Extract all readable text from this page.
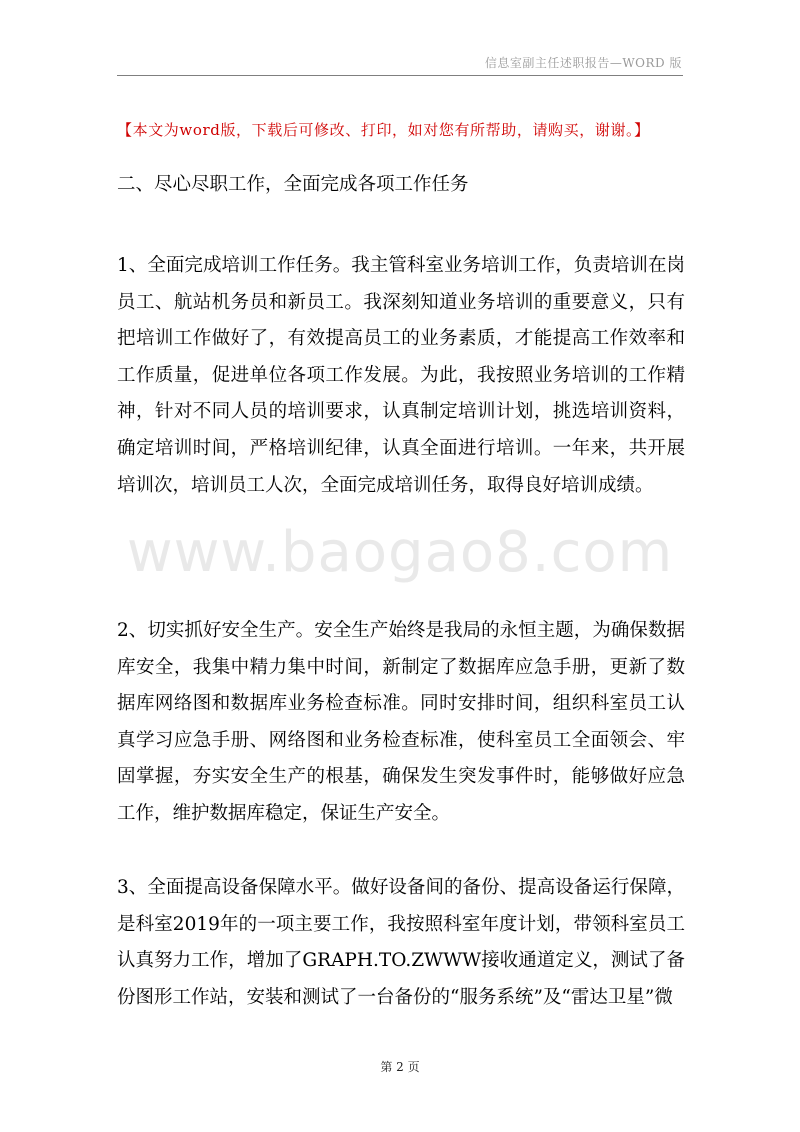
信息室副主任述职报告—WORD 版
www.baogao8.com
【本文为word版，下载后可修改、打印，如对您有所帮助，请购买，谢谢。】
二、尽心尽职工作，全面完成各项工作任务

1、全面完成培训工作任务。我主管科室业务培训工作，负责培训在岗员工、航站机务员和新员工。我深刻知道业务培训的重要意义，只有把培训工作做好了，有效提高员工的业务素质，才能提高工作效率和工作质量，促进单位各项工作发展。为此，我按照业务培训的工作精神，针对不同人员的培训要求，认真制定培训计划，挑选培训资料，确定培训时间，严格培训纪律，认真全面进行培训。一年来，共开展培训次，培训员工人次，全面完成培训任务，取得良好培训成绩。

2、切实抓好安全生产。安全生产始终是我局的永恒主题，为确保数据库安全，我集中精力集中时间，新制定了数据库应急手册，更新了数据库网络图和数据库业务检查标准。同时安排时间，组织科室员工认真学习应急手册、网络图和业务检查标准，使科室员工全面领会、牢固掌握，夯实安全生产的根基，确保发生突发事件时，能够做好应急工作，维护数据库稳定，保证生产安全。

3、全面提高设备保障水平。做好设备间的备份、提高设备运行保障，是科室2019年的一项主要工作，我按照科室年度计划，带领科室员工认真努力工作，增加了GRAPH.TO.ZWWW接收通道定义，测试了备份图形工作站，安装和测试了一台备份的“服务系统”及“雷达卫星”微

第 2 页
